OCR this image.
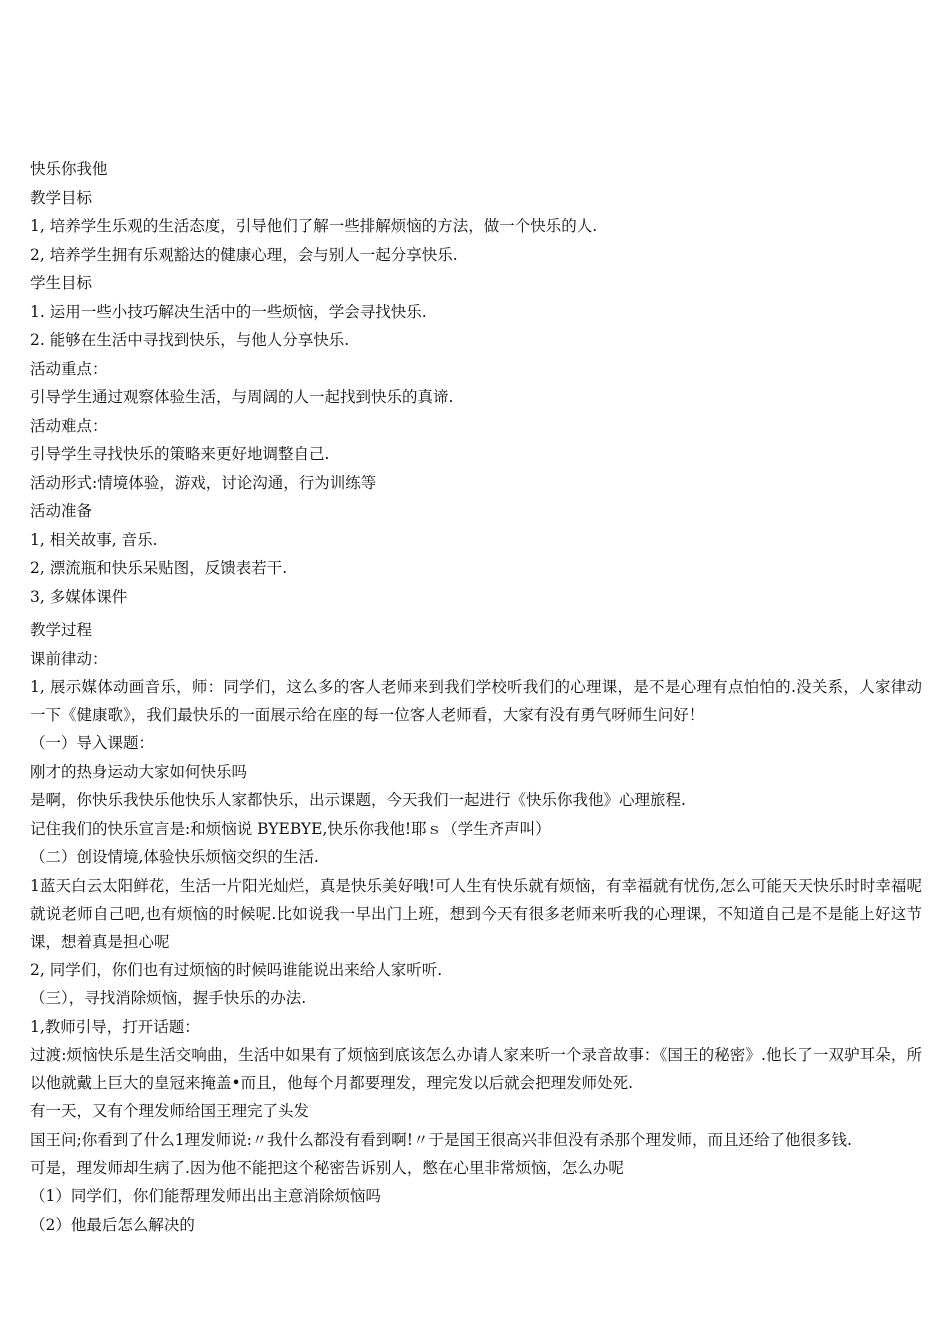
快乐你我他

教学目标

1, 培养学生乐观的生活态度，引导他们了解一些排解烦恼的方法，做一个快乐的人.

2, 培养学生拥有乐观豁达的健康心理，会与别人一起分享快乐.

学生目标

1. 运用一些小技巧解决生活中的一些烦恼，学会寻找快乐.

2. 能够在生活中寻找到快乐，与他人分享快乐.

活动重点：

引导学生通过观察体验生活，与周阔的人一起找到快乐的真谛.

活动难点：

引导学生寻找快乐的策略来更好地调整自己.

活动形式:情境体验，游戏，讨论沟通，行为训练等

活动准备

1, 相关故事, 音乐.

2, 漂流瓶和快乐呆贴图，反馈表若干.

3, 多媒体课件

教学过程

课前律动：

1, 展示媒体动画音乐，师：同学们，这么多的客人老师来到我们学校听我们的心理课，是不是心理有点怕怕的.没关系，人家律动一下《健康歌》，我们最快乐的一面展示给在座的每一位客人老师看，大家有没有勇气呀师生问好！

（一）导入课题：

刚才的热身运动大家如何快乐吗

是啊，你快乐我快乐他快乐人家都快乐，出示课题，今天我们一起进行《快乐你我他》心理旅程.

记住我们的快乐宣言是:和烦恼说 BYEBYE,快乐你我他!耶ｓ（学生齐声叫）

（二）创设情境,体验快乐烦恼交织的生活.

1蓝天白云太阳鲜花，生活一片阳光灿烂，真是快乐美好哦!可人生有快乐就有烦恼，有幸福就有忧伤,怎么可能天天快乐时时幸福呢就说老师自己吧,也有烦恼的时候呢.比如说我一早出门上班，想到今天有很多老师来听我的心理课，不知道自己是不是能上好这节课，想着真是担心呢

2, 同学们，你们也有过烦恼的时候吗谁能说出来给人家听听.

（三），寻找消除烦恼，握手快乐的办法.

1,教师引导，打开话题：

过渡:烦恼快乐是生活交响曲，生活中如果有了烦恼到底该怎么办请人家来听一个录音故事：《国王的秘密》.他长了一双驴耳朵，所以他就戴上巨大的皇冠来掩盖•而且，他每个月都要理发，理完发以后就会把理发师处死.

有一天，又有个理发师给国王理完了头发

国王问;你看到了什么1理发师说:〃我什么都没有看到啊!〃于是国王很高兴非但没有杀那个理发师，而且还给了他很多钱.

可是，理发师却生病了.因为他不能把这个秘密告诉别人，憋在心里非常烦恼，怎么办呢

（1）同学们，你们能帮理发师出出主意消除烦恼吗

（2）他最后怎么解决的
